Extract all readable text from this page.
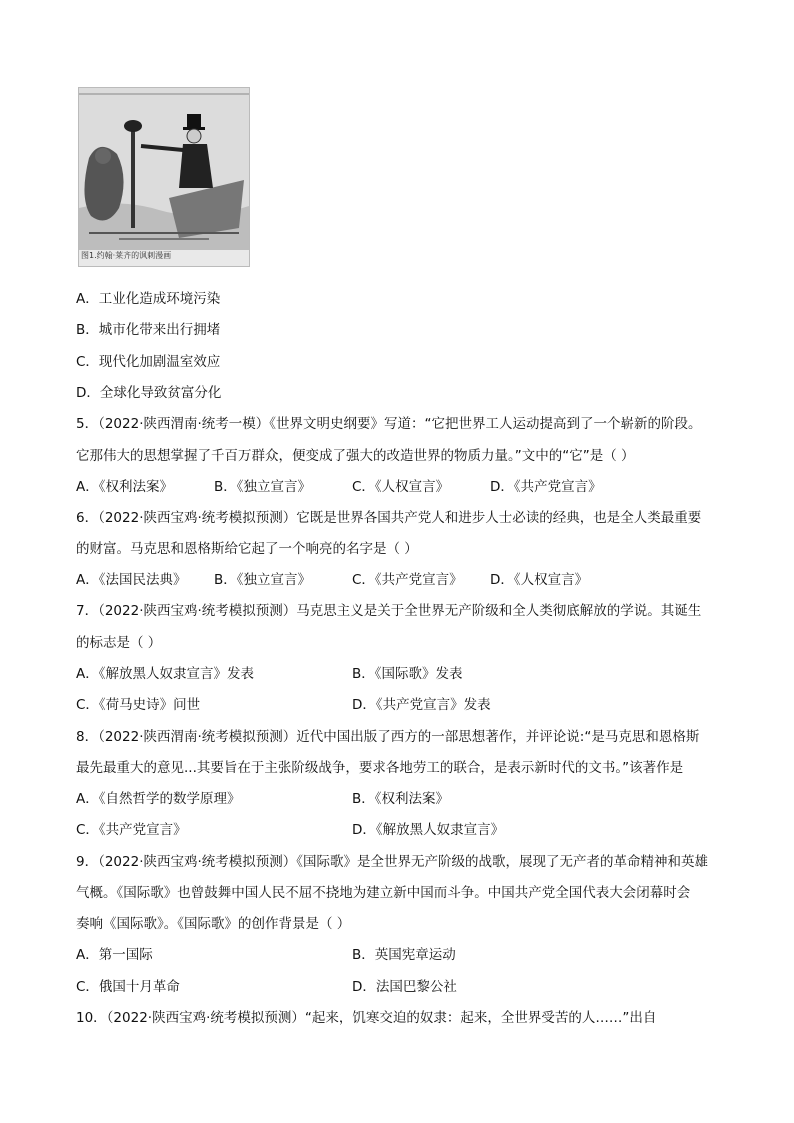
图1.约翰·莱齐的讽刺漫画
A．工业化造成环境污染
B．城市化带来出行拥堵
C．现代化加剧温室效应
D．全球化导致贫富分化
5．（2022·陕西渭南·统考一模）《世界文明史纲要》写道：“它把世界工人运动提高到了一个崭新的阶段。
它那伟大的思想掌握了千百万群众，便变成了强大的改造世界的物质力量。”文中的“它”是（ ）
A．《权利法案》	B．《独立宣言》	C．《人权宣言》	D．《共产党宣言》
6．（2022·陕西宝鸡·统考模拟预测）它既是世界各国共产党人和进步人士必读的经典，也是全人类最重要
的财富。马克思和恩格斯给它起了一个响亮的名字是（ ）
A．《法国民法典》 B．《独立宣言》	C．《共产党宣言》 D．《人权宣言》
7．（2022·陕西宝鸡·统考模拟预测）马克思主义是关于全世界无产阶级和全人类彻底解放的学说。其诞生
的标志是（ ）
A．《解放黑人奴隶宣言》发表	B．《国际歌》发表
C．《荷马史诗》问世	D．《共产党宣言》发表
8．（2022·陕西渭南·统考模拟预测）近代中国出版了西方的一部思想著作，并评论说:“是马克思和恩格斯
最先最重大的意见...其要旨在于主张阶级战争，要求各地劳工的联合，是表示新时代的文书。”该著作是
A．《自然哲学的数学原理》	B．《权利法案》
C．《共产党宣言》	D．《解放黑人奴隶宣言》
9．（2022·陕西宝鸡·统考模拟预测）《国际歌》是全世界无产阶级的战歌，展现了无产者的革命精神和英雄
气概。《国际歌》也曾鼓舞中国人民不屈不挠地为建立新中国而斗争。中国共产党全国代表大会闭幕时会
奏响《国际歌》。《国际歌》的创作背景是（ ）
A．第一国际	B．英国宪章运动
C．俄国十月革命	D．法国巴黎公社
10．（2022·陕西宝鸡·统考模拟预测）“起来，饥寒交迫的奴隶：起来，全世界受苦的人……”出自
